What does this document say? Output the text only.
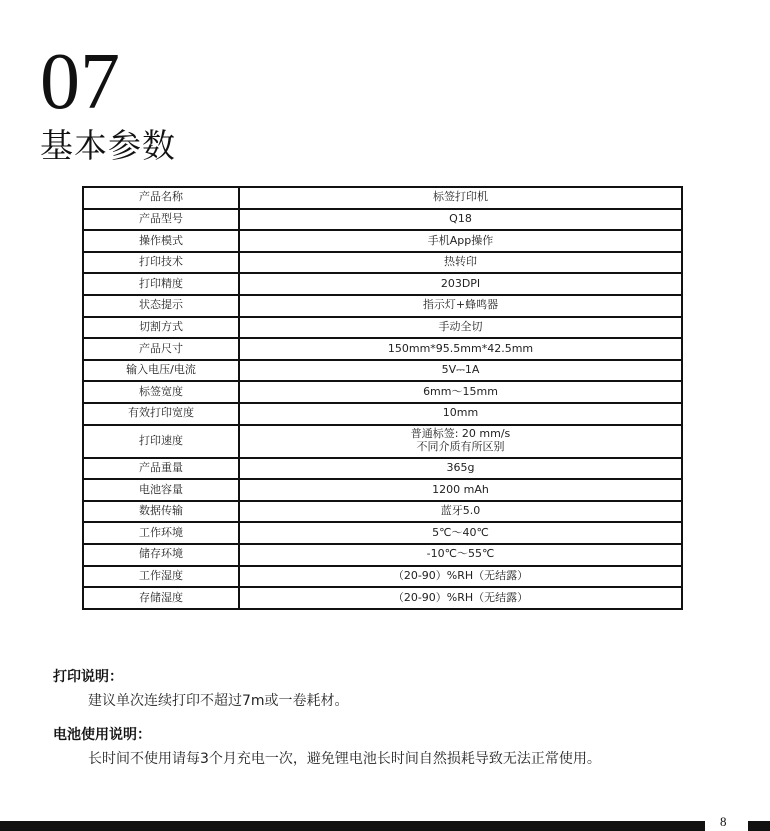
07
基本参数
产品名称	标签打印机
产品型号	Q18
操作模式	手机App操作
打印技术	热转印
打印精度	203DPI
状态提示	指示灯+蜂鸣器
切割方式	手动全切
产品尺寸	150mm*95.5mm*42.5mm
输入电压/电流	5V⎓1A
标签宽度	6mm～15mm
有效打印宽度	10mm
打印速度	普通标签: 20 mm/s
不同介质有所区别

产品重量	365g
电池容量	1200 mAh
数据传输	蓝牙5.0
工作环境	5℃～40℃
储存环境	-10℃～55℃
工作湿度	（20-90）%RH（无结露）
存储湿度	（20-90）%RH（无结露）
打印说明：
建议单次连续打印不超过7m或一卷耗材。
电池使用说明：
长时间不使用请每3个月充电一次，避免锂电池长时间自然损耗导致无法正常使用。
8
